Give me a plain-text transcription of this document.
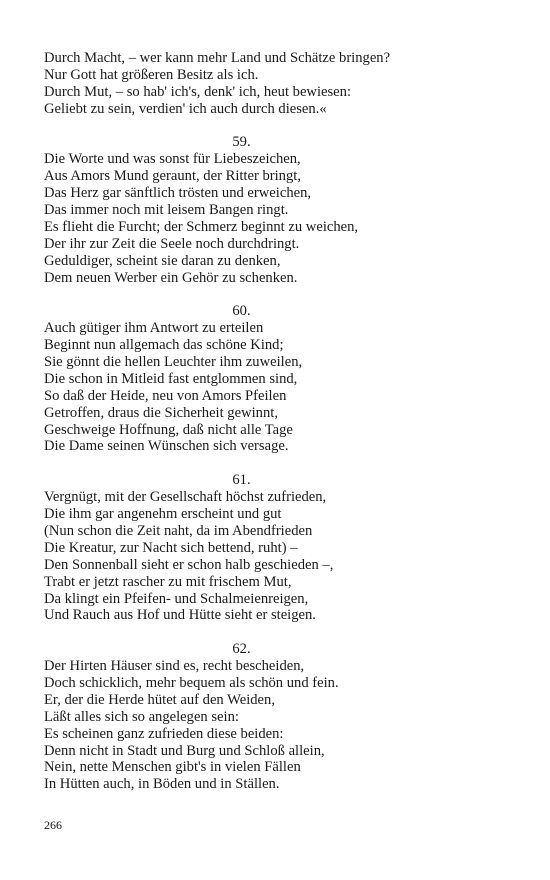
Durch Macht, – wer kann mehr Land und Schätze bringen?
Nur Gott hat größeren Besitz als ich.
Durch Mut, – so hab' ich's, denk' ich, heut bewiesen:
Geliebt zu sein, verdien' ich auch durch diesen.«
59.
Die Worte und was sonst für Liebeszeichen,
Aus Amors Mund geraunt, der Ritter bringt,
Das Herz gar sänftlich trösten und erweichen,
Das immer noch mit leisem Bangen ringt.
Es flieht die Furcht; der Schmerz beginnt zu weichen,
Der ihr zur Zeit die Seele noch durchdringt.
Geduldiger, scheint sie daran zu denken,
Dem neuen Werber ein Gehör zu schenken.
60.
Auch gütiger ihm Antwort zu erteilen
Beginnt nun allgemach das schöne Kind;
Sie gönnt die hellen Leuchter ihm zuweilen,
Die schon in Mitleid fast entglommen sind,
So daß der Heide, neu von Amors Pfeilen
Getroffen, draus die Sicherheit gewinnt,
Geschweige Hoffnung, daß nicht alle Tage
Die Dame seinen Wünschen sich versage.
61.
Vergnügt, mit der Gesellschaft höchst zufrieden,
Die ihm gar angenehm erscheint und gut
(Nun schon die Zeit naht, da im Abendfrieden
Die Kreatur, zur Nacht sich bettend, ruht) –
Den Sonnenball sieht er schon halb geschieden –,
Trabt er jetzt rascher zu mit frischem Mut,
Da klingt ein Pfeifen- und Schalmeienreigen,
Und Rauch aus Hof und Hütte sieht er steigen.
62.
Der Hirten Häuser sind es, recht bescheiden,
Doch schicklich, mehr bequem als schön und fein.
Er, der die Herde hütet auf den Weiden,
Läßt alles sich so angelegen sein:
Es scheinen ganz zufrieden diese beiden:
Denn nicht in Stadt und Burg und Schloß allein,
Nein, nette Menschen gibt's in vielen Fällen
In Hütten auch, in Böden und in Ställen.
266
